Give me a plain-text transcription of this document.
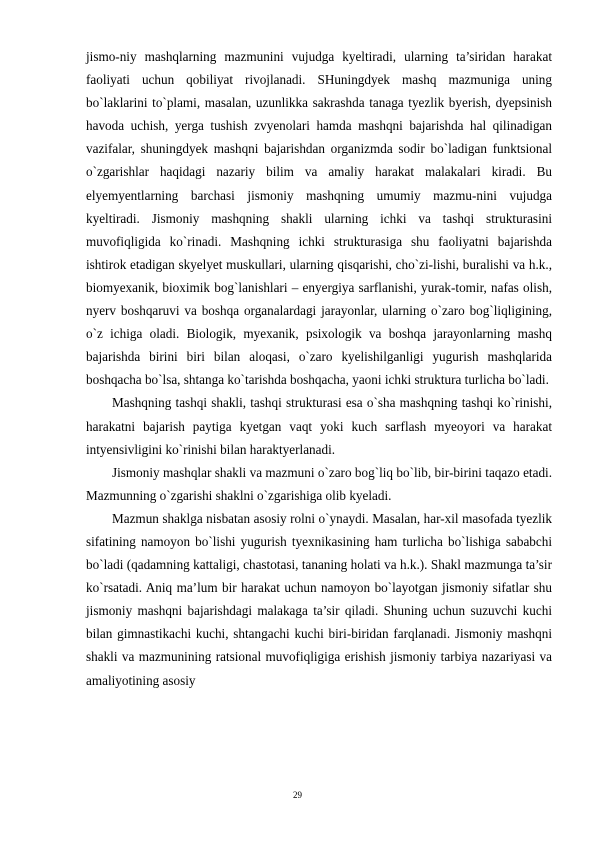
jismo-niy mashqlarning mazmunini vujudga kyeltiradi, ularning ta’siridan harakat faoliyati uchun qobiliyat rivojlanadi. SHuningdyek mashq mazmuniga uning bo`laklarini to`plami, masalan, uzunlikka sakrashda tanaga tyezlik byerish, dyepsinish havoda uchish, yerga tushish zvyenolari hamda mashqni bajarishda hal qilinadigan vazifalar, shuningdyek mashqni bajarishdan organizmda sodir bo`ladigan funktsional o`zgarishlar haqidagi nazariy bilim va amaliy harakat malakalari kiradi. Bu elyemyentlarning barchasi jismoniy mashqning umumiy mazmu-nini vujudga kyeltiradi. Jismoniy mashqning shakli ularning ichki va tashqi strukturasini muvofiqligida ko`rinadi. Mashqning ichki strukturasiga shu faoliyatni bajarishda ishtirok etadigan skyelyet muskullari, ularning qisqarishi, cho`zi-lishi, buralishi va h.k., biomyexanik, bioximik bog`lanishlari – enyergiya sarflanishi, yurak-tomir, nafas olish, nyerv boshqaruvi va boshqa organalardagi jarayonlar, ularning o`zaro bog`liqligining, o`z ichiga oladi. Biologik, myexanik, psixologik va boshqa jarayonlarning mashq bajarishda birini biri bilan aloqasi, o`zaro kyelishilganligi yugurish mashqlarida boshqacha bo`lsa, shtanga ko`tarishda boshqacha, yaoni ichki struktura turlicha bo`ladi.

Mashqning tashqi shakli, tashqi strukturasi esa o`sha mashqning tashqi ko`rinishi, harakatni bajarish paytiga kyetgan vaqt yoki kuch sarflash myeoyori va harakat intyensivligini ko`rinishi bilan haraktyerlanadi.

Jismoniy mashqlar shakli va mazmuni o`zaro bog`liq bo`lib, bir-birini taqazo etadi. Mazmunning o`zgarishi shaklni o`zgarishiga olib kyeladi.

Mazmun shaklga nisbatan asosiy rolni o`ynaydi. Masalan, har-xil masofada tyezlik sifatining namoyon bo`lishi yugurish tyexnikasining ham turlicha bo`lishiga sababchi bo`ladi (qadamning kattaligi, chastotasi, tananing holati va h.k.). Shakl mazmunga ta’sir ko`rsatadi. Aniq ma’lum bir harakat uchun namoyon bo`layotgan jismoniy sifatlar shu jismoniy mashqni bajarishdagi malakaga ta’sir qiladi. Shuning uchun suzuvchi kuchi bilan gimnastikachi kuchi, shtangachi kuchi biri-biridan farqlanadi. Jismoniy mashqni shakli va mazmunining ratsional muvofiqligiga erishish jismoniy tarbiya nazariyasi va amaliyotining asosiy

29
